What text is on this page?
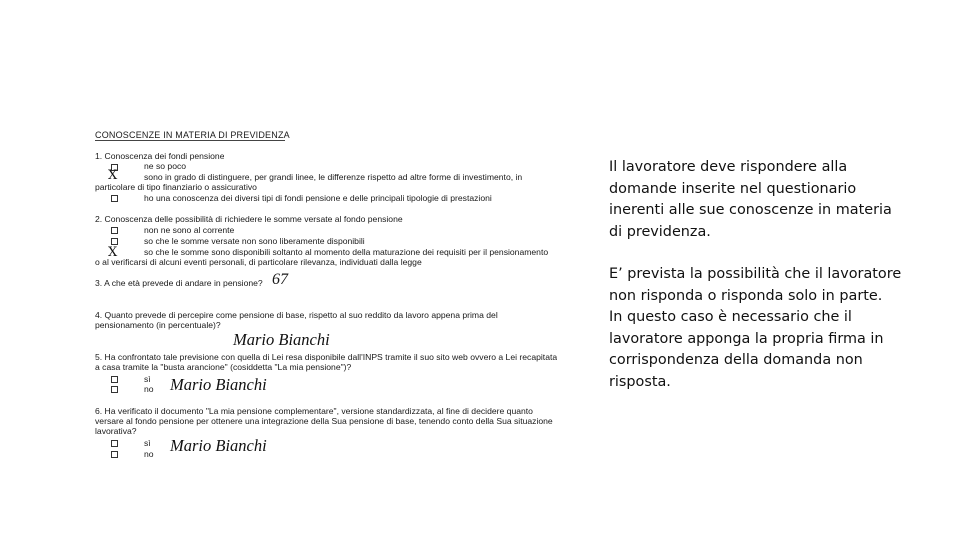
CONOSCENZE IN MATERIA DI PREVIDENZA
1. Conoscenza dei fondi pensione
ne so poco
X	sono in grado di distinguere, per grandi linee, le differenze rispetto ad altre forme di investimento, in
particolare di tipo finanziario o assicurativo
ho una conoscenza dei diversi tipi di fondi pensione e delle principali tipologie di prestazioni
2. Conoscenza delle possibilità di richiedere le somme versate al fondo pensione
non ne sono al corrente
so che le somme versate non sono liberamente disponibili
X	so che le somme sono disponibili soltanto al momento della maturazione dei requisiti per il pensionamento
o al verificarsi di alcuni eventi personali, di particolare rilevanza, individuati dalla legge
3. A che età prevede di andare in pensione? 67
4. Quanto prevede di percepire come pensione di base, rispetto al suo reddito da lavoro appena prima del
pensionamento (in percentuale)?
Mario Bianchi
5. Ha confrontato tale previsione con quella di Lei resa disponibile dall'INPS tramite il suo sito web ovvero a Lei recapitata
a casa tramite la "busta arancione" (cosiddetta "La mia pensione")?
sì
no Mario Bianchi
6. Ha verificato il documento "La mia pensione complementare", versione standardizzata, al fine di decidere quanto
versare al fondo pensione per ottenere una integrazione della Sua pensione di base, tenendo conto della Sua situazione
lavorativa?
sì
no Mario Bianchi

Il lavoratore deve rispondere alla domande inserite nel questionario inerenti alle sue conoscenze in materia di previdenza.

E’ prevista la possibilità che il lavoratore non risponda o risponda solo in parte.

In questo caso è necessario che il lavoratore apponga la propria firma in corrispondenza della domanda non risposta.
